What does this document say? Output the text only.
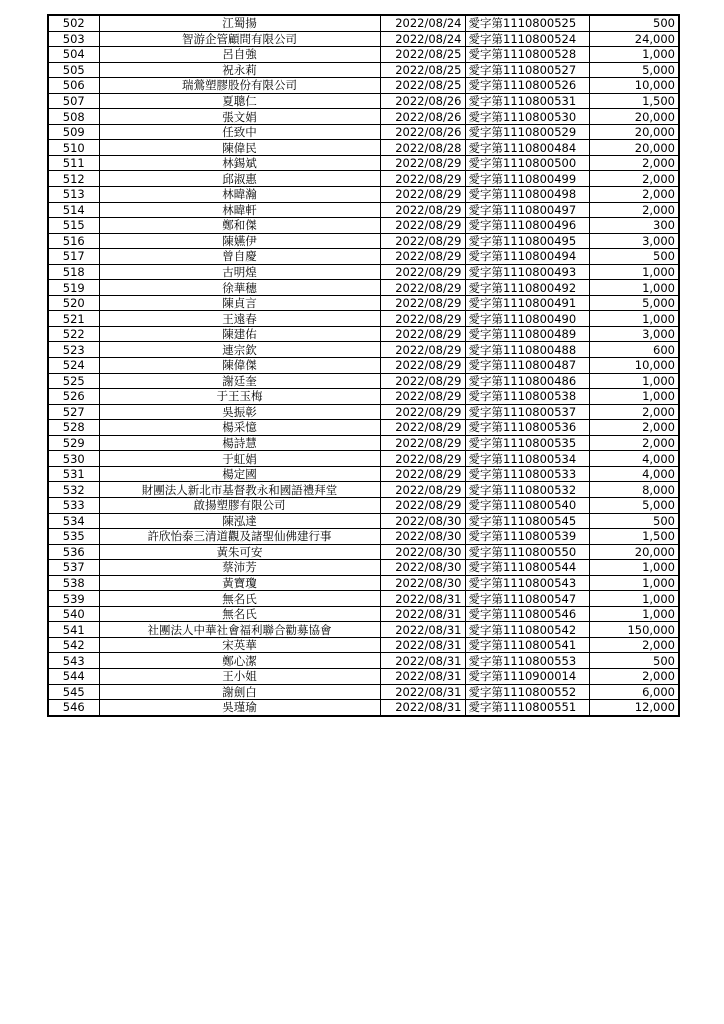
502	江蜀揚	2022/08/24	愛字第1110800525	500
503	智游企管顧問有限公司	2022/08/24	愛字第1110800524	24,000
504	呂自強	2022/08/25	愛字第1110800528	1,000
505	祝永莉	2022/08/25	愛字第1110800527	5,000
506	瑞鶯塑膠股份有限公司	2022/08/25	愛字第1110800526	10,000
507	夏聰仁	2022/08/26	愛字第1110800531	1,500
508	張文娟	2022/08/26	愛字第1110800530	20,000
509	任致中	2022/08/26	愛字第1110800529	20,000
510	陳偉民	2022/08/28	愛字第1110800484	20,000
511	林錫斌	2022/08/29	愛字第1110800500	2,000
512	邱淑惠	2022/08/29	愛字第1110800499	2,000
513	林暐瀚	2022/08/29	愛字第1110800498	2,000
514	林暐軒	2022/08/29	愛字第1110800497	2,000
515	鄭和傑	2022/08/29	愛字第1110800496	300
516	陳嬿伊	2022/08/29	愛字第1110800495	3,000
517	曾自慶	2022/08/29	愛字第1110800494	500
518	古明煌	2022/08/29	愛字第1110800493	1,000
519	徐華穗	2022/08/29	愛字第1110800492	1,000
520	陳貞言	2022/08/29	愛字第1110800491	5,000
521	王遠春	2022/08/29	愛字第1110800490	1,000
522	陳建佑	2022/08/29	愛字第1110800489	3,000
523	連宗欽	2022/08/29	愛字第1110800488	600
524	陳偉傑	2022/08/29	愛字第1110800487	10,000
525	謝廷奎	2022/08/29	愛字第1110800486	1,000
526	于王玉梅	2022/08/29	愛字第1110800538	1,000
527	吳振彰	2022/08/29	愛字第1110800537	2,000
528	楊采憶	2022/08/29	愛字第1110800536	2,000
529	楊詩慧	2022/08/29	愛字第1110800535	2,000
530	于虹娟	2022/08/29	愛字第1110800534	4,000
531	楊定國	2022/08/29	愛字第1110800533	4,000
532	財團法人新北市基督教永和國語禮拜堂	2022/08/29	愛字第1110800532	8,000
533	啟揚塑膠有限公司	2022/08/29	愛字第1110800540	5,000
534	陳泓達	2022/08/30	愛字第1110800545	500
535	許欣怡泰三清道觀及諸聖仙佛建行事	2022/08/30	愛字第1110800539	1,500
536	黃朱可安	2022/08/30	愛字第1110800550	20,000
537	蔡沛芳	2022/08/30	愛字第1110800544	1,000
538	黃寶瓊	2022/08/30	愛字第1110800543	1,000
539	無名氏	2022/08/31	愛字第1110800547	1,000
540	無名氏	2022/08/31	愛字第1110800546	1,000
541	社團法人中華社會福利聯合勸募協會	2022/08/31	愛字第1110800542	150,000
542	宋英華	2022/08/31	愛字第1110800541	2,000
543	鄭心潔	2022/08/31	愛字第1110800553	500
544	王小姐	2022/08/31	愛字第1110900014	2,000
545	謝劍白	2022/08/31	愛字第1110800552	6,000
546	吳瑾瑜	2022/08/31	愛字第1110800551	12,000
